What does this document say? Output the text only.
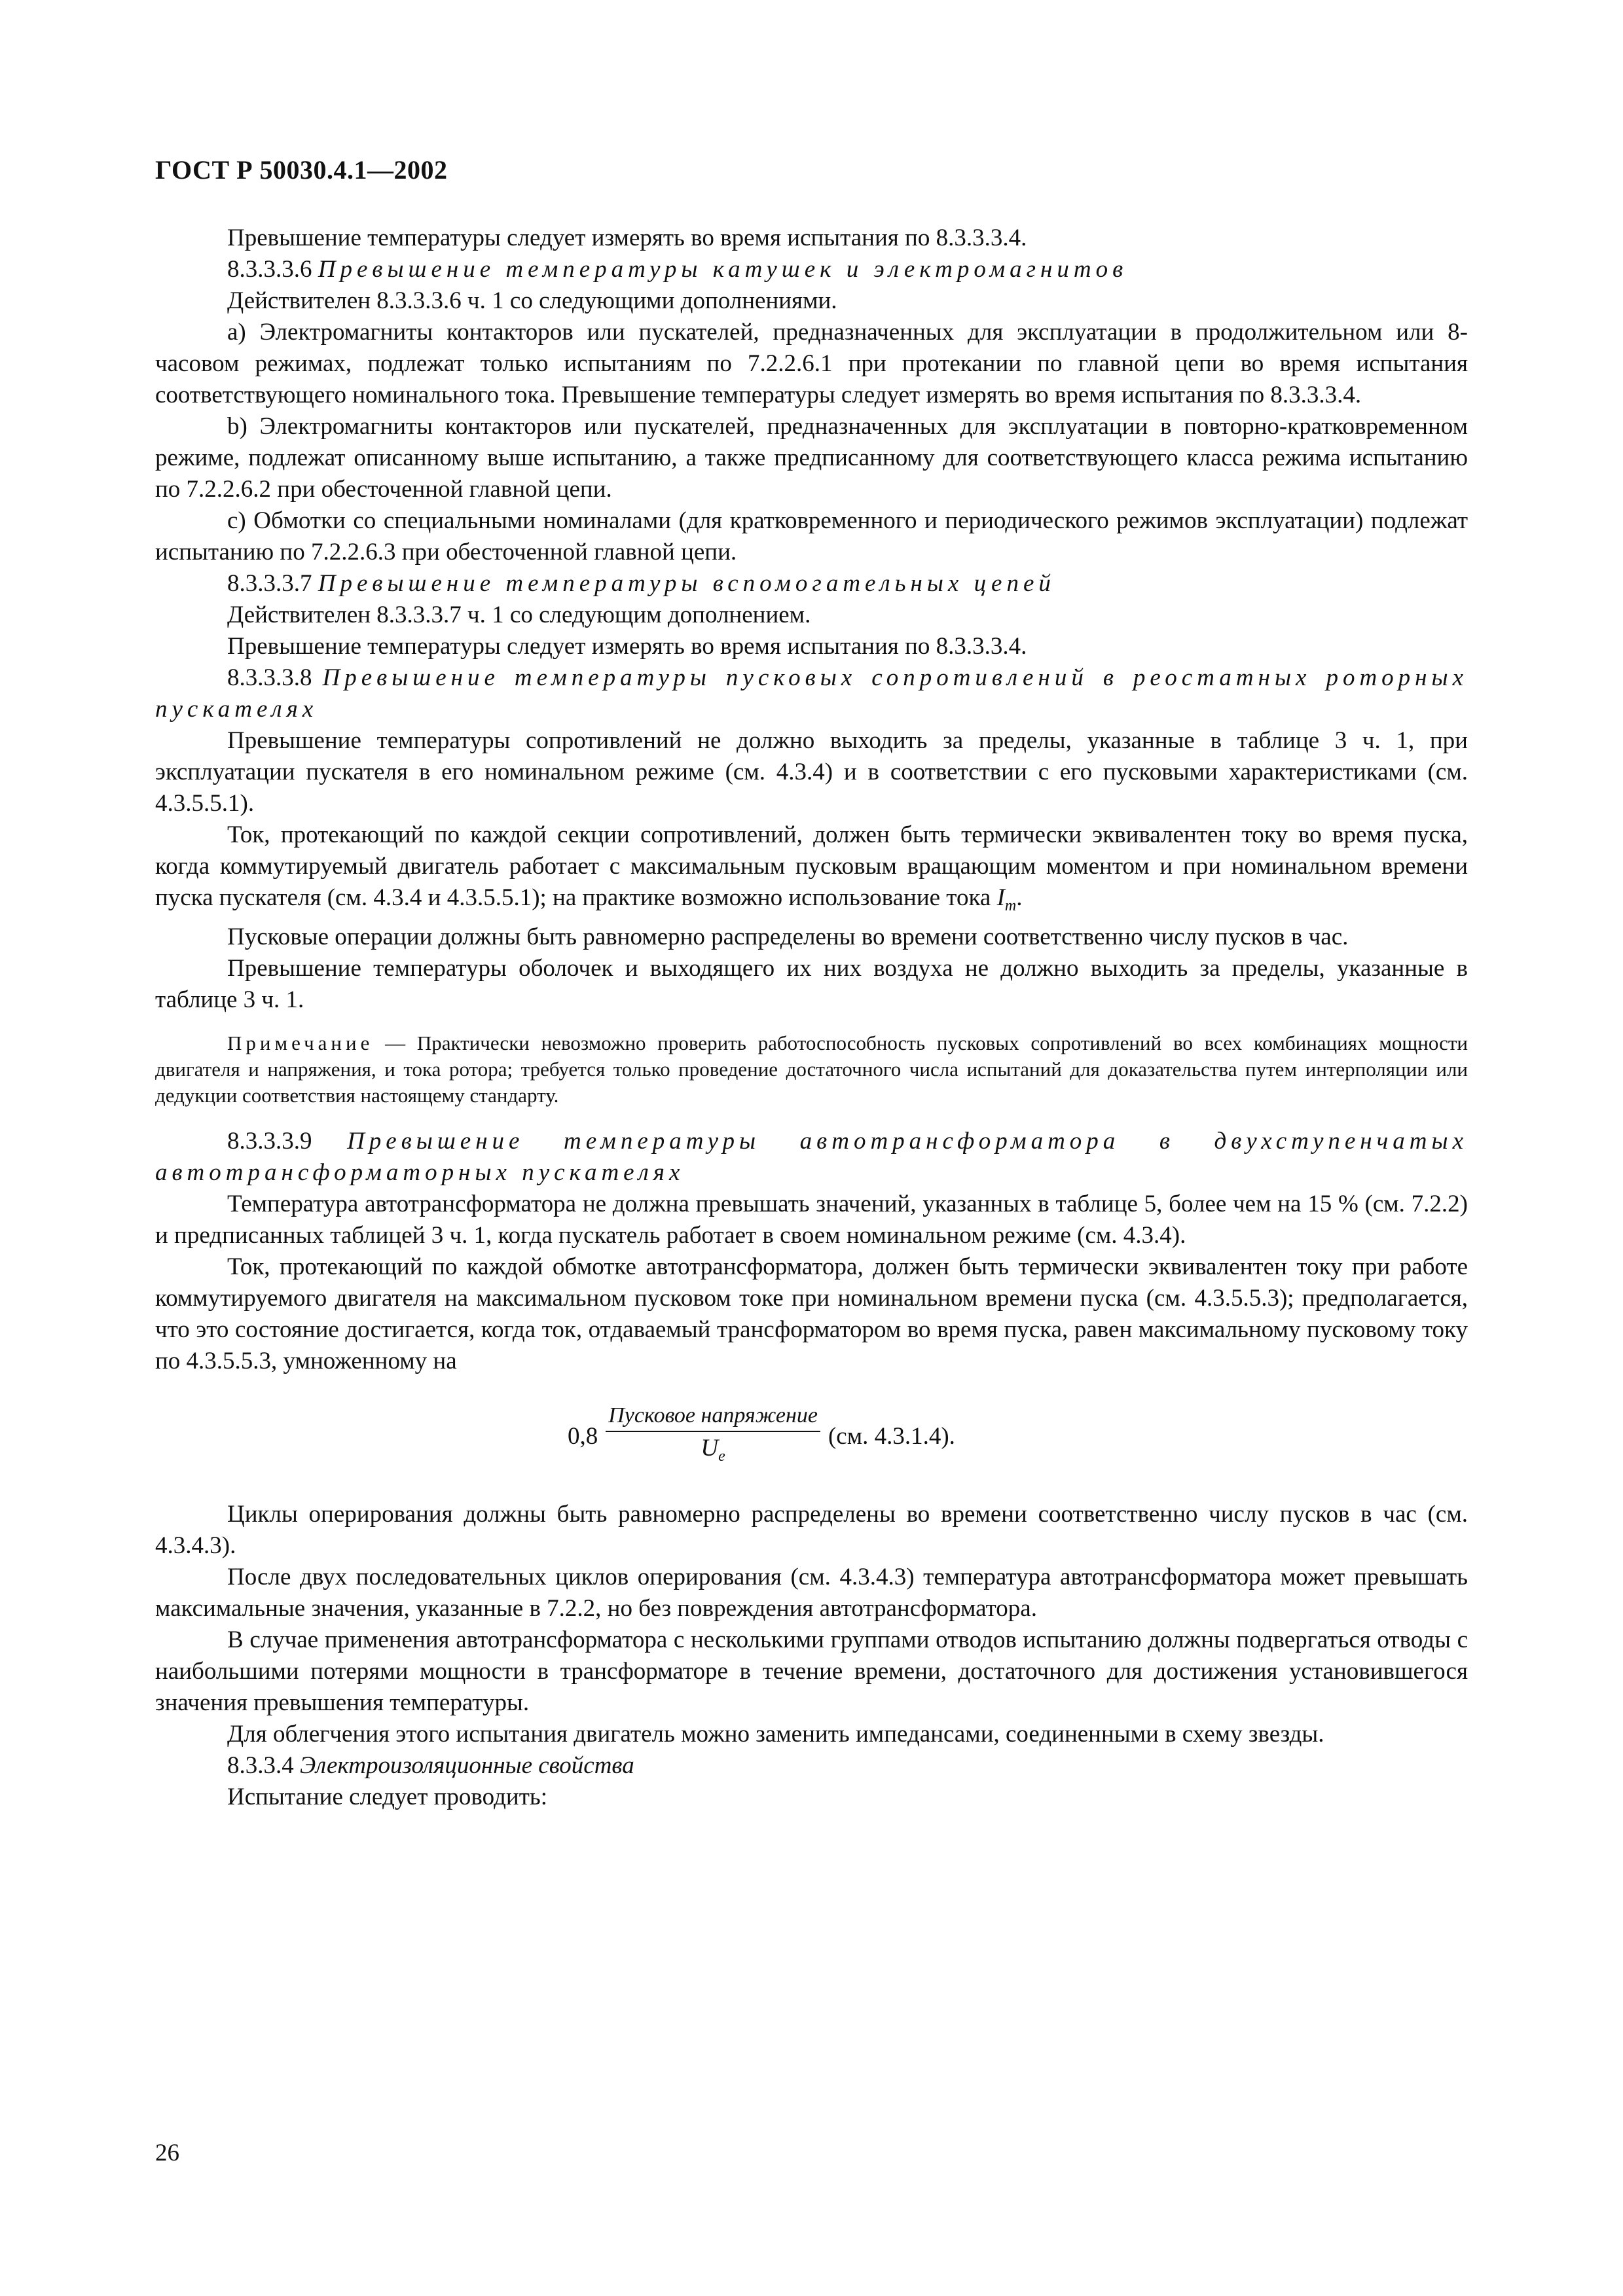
ГОСТ Р 50030.4.1—2002

Превышение температуры следует измерять во время испытания по 8.3.3.3.4.

8.3.3.3.6 Превышение температуры катушек и электромагнитов

Действителен 8.3.3.3.6 ч. 1 со следующими дополнениями.

а) Электромагниты контакторов или пускателей, предназначенных для эксплуатации в продолжительном или 8-часовом режимах, подлежат только испытаниям по 7.2.2.6.1 при протекании по главной цепи во время испытания соответствующего номинального тока. Превышение температуры следует измерять во время испытания по 8.3.3.3.4.

b) Электромагниты контакторов или пускателей, предназначенных для эксплуатации в повторно-кратковременном режиме, подлежат описанному выше испытанию, а также предписанному для соответствующего класса режима испытанию по 7.2.2.6.2 при обесточенной главной цепи.

с) Обмотки со специальными номиналами (для кратковременного и периодического режимов эксплуатации) подлежат испытанию по 7.2.2.6.3 при обесточенной главной цепи.

8.3.3.3.7 Превышение температуры вспомогательных цепей

Действителен 8.3.3.3.7 ч. 1 со следующим дополнением.

Превышение температуры следует измерять во время испытания по 8.3.3.3.4.

8.3.3.3.8 Превышение температуры пусковых сопротивлений в реостатных роторных пускателях

Превышение температуры сопротивлений не должно выходить за пределы, указанные в таблице 3 ч. 1, при эксплуатации пускателя в его номинальном режиме (см. 4.3.4) и в соответствии с его пусковыми характеристиками (см. 4.3.5.5.1).

Ток, протекающий по каждой секции сопротивлений, должен быть термически эквивалентен току во время пуска, когда коммутируемый двигатель работает с максимальным пусковым вращающим моментом и при номинальном времени пуска пускателя (см. 4.3.4 и 4.3.5.5.1); на практике возможно использование тока $I_m$.

Пусковые операции должны быть равномерно распределены во времени соответственно числу пусков в час.

Превышение температуры оболочек и выходящего их них воздуха не должно выходить за пределы, указанные в таблице 3 ч. 1.

Примечание — Практически невозможно проверить работоспособность пусковых сопротивлений во всех комбинациях мощности двигателя и напряжения, и тока ротора; требуется только проведение достаточного числа испытаний для доказательства путем интерполяции или дедукции соответствия настоящему стандарту.

8.3.3.3.9 Превышение температуры автотрансформатора в двухступенчатых автотрансформаторных пускателях

Температура автотрансформатора не должна превышать значений, указанных в таблице 5, более чем на 15 % (см. 7.2.2) и предписанных таблицей 3 ч. 1, когда пускатель работает в своем номинальном режиме (см. 4.3.4).

Ток, протекающий по каждой обмотке автотрансформатора, должен быть термически эквивалентен току при работе коммутируемого двигателя на максимальном пусковом токе при номинальном времени пуска (см. 4.3.5.5.3); предполагается, что это состояние достигается, когда ток, отдаваемый трансформатором во время пуска, равен максимальному пусковому току по 4.3.5.5.3, умноженному на

$0,8 \frac{\text{Пусковое напряжение}}{U_e} (см$. 4.3.1.4).

Циклы оперирования должны быть равномерно распределены во времени соответственно числу пусков в час (см. 4.3.4.3).

После двух последовательных циклов оперирования (см. 4.3.4.3) температура автотрансформатора может превышать максимальные значения, указанные в 7.2.2, но без повреждения автотрансформатора.

В случае применения автотрансформатора с несколькими группами отводов испытанию должны подвергаться отводы с наибольшими потерями мощности в трансформаторе в течение времени, достаточного для достижения установившегося значения превышения температуры.

Для облегчения этого испытания двигатель можно заменить импедансами, соединенными в схему звезды.

8.3.3.4 Электроизоляционные свойства

Испытание следует проводить:

26
